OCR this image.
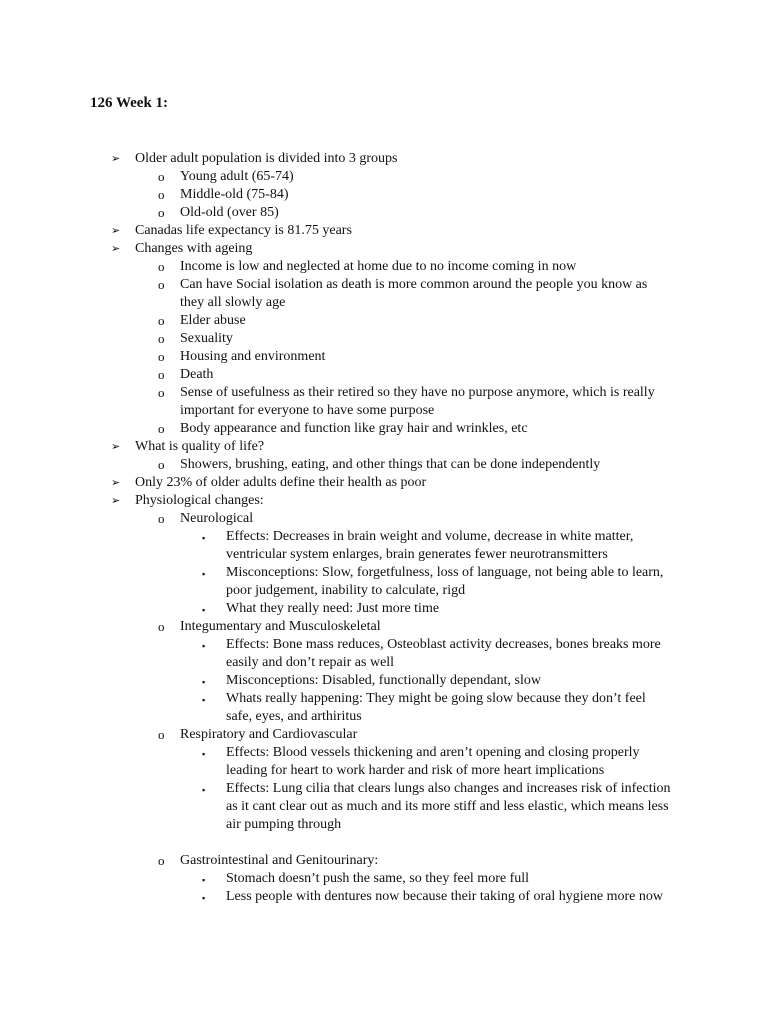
126 Week 1:
➢ Older adult population is divided into 3 groups
o Young adult (65-74)
o Middle-old (75-84)
o Old-old (over 85)
➢ Canadas life expectancy is 81.75 years
➢ Changes with ageing
o Income is low and neglected at home due to no income coming in now
o Can have Social isolation as death is more common around the people you know as they all slowly age
o Elder abuse
o Sexuality
o Housing and environment
o Death
o Sense of usefulness as their retired so they have no purpose anymore, which is really important for everyone to have some purpose
o Body appearance and function like gray hair and wrinkles, etc
➢ What is quality of life?
o Showers, brushing, eating, and other things that can be done independently
➢ Only 23% of older adults define their health as poor
➢ Physiological changes:
o Neurological
▪ Effects: Decreases in brain weight and volume, decrease in white matter, ventricular system enlarges, brain generates fewer neurotransmitters
▪ Misconceptions: Slow, forgetfulness, loss of language, not being able to learn, poor judgement, inability to calculate, rigd
▪ What they really need: Just more time
o Integumentary and Musculoskeletal
▪ Effects: Bone mass reduces, Osteoblast activity decreases, bones breaks more easily and don’t repair as well
▪ Misconceptions: Disabled, functionally dependant, slow
▪ Whats really happening: They might be going slow because they don’t feel safe, eyes, and arthiritus
o Respiratory and Cardiovascular
▪ Effects: Blood vessels thickening and aren’t opening and closing properly leading for heart to work harder and risk of more heart implications
▪ Effects: Lung cilia that clears lungs also changes and increases risk of infection as it cant clear out as much and its more stiff and less elastic, which means less air pumping through
o Gastrointestinal and Genitourinary:
▪ Stomach doesn’t push the same, so they feel more full
▪ Less people with dentures now because their taking of oral hygiene more now
